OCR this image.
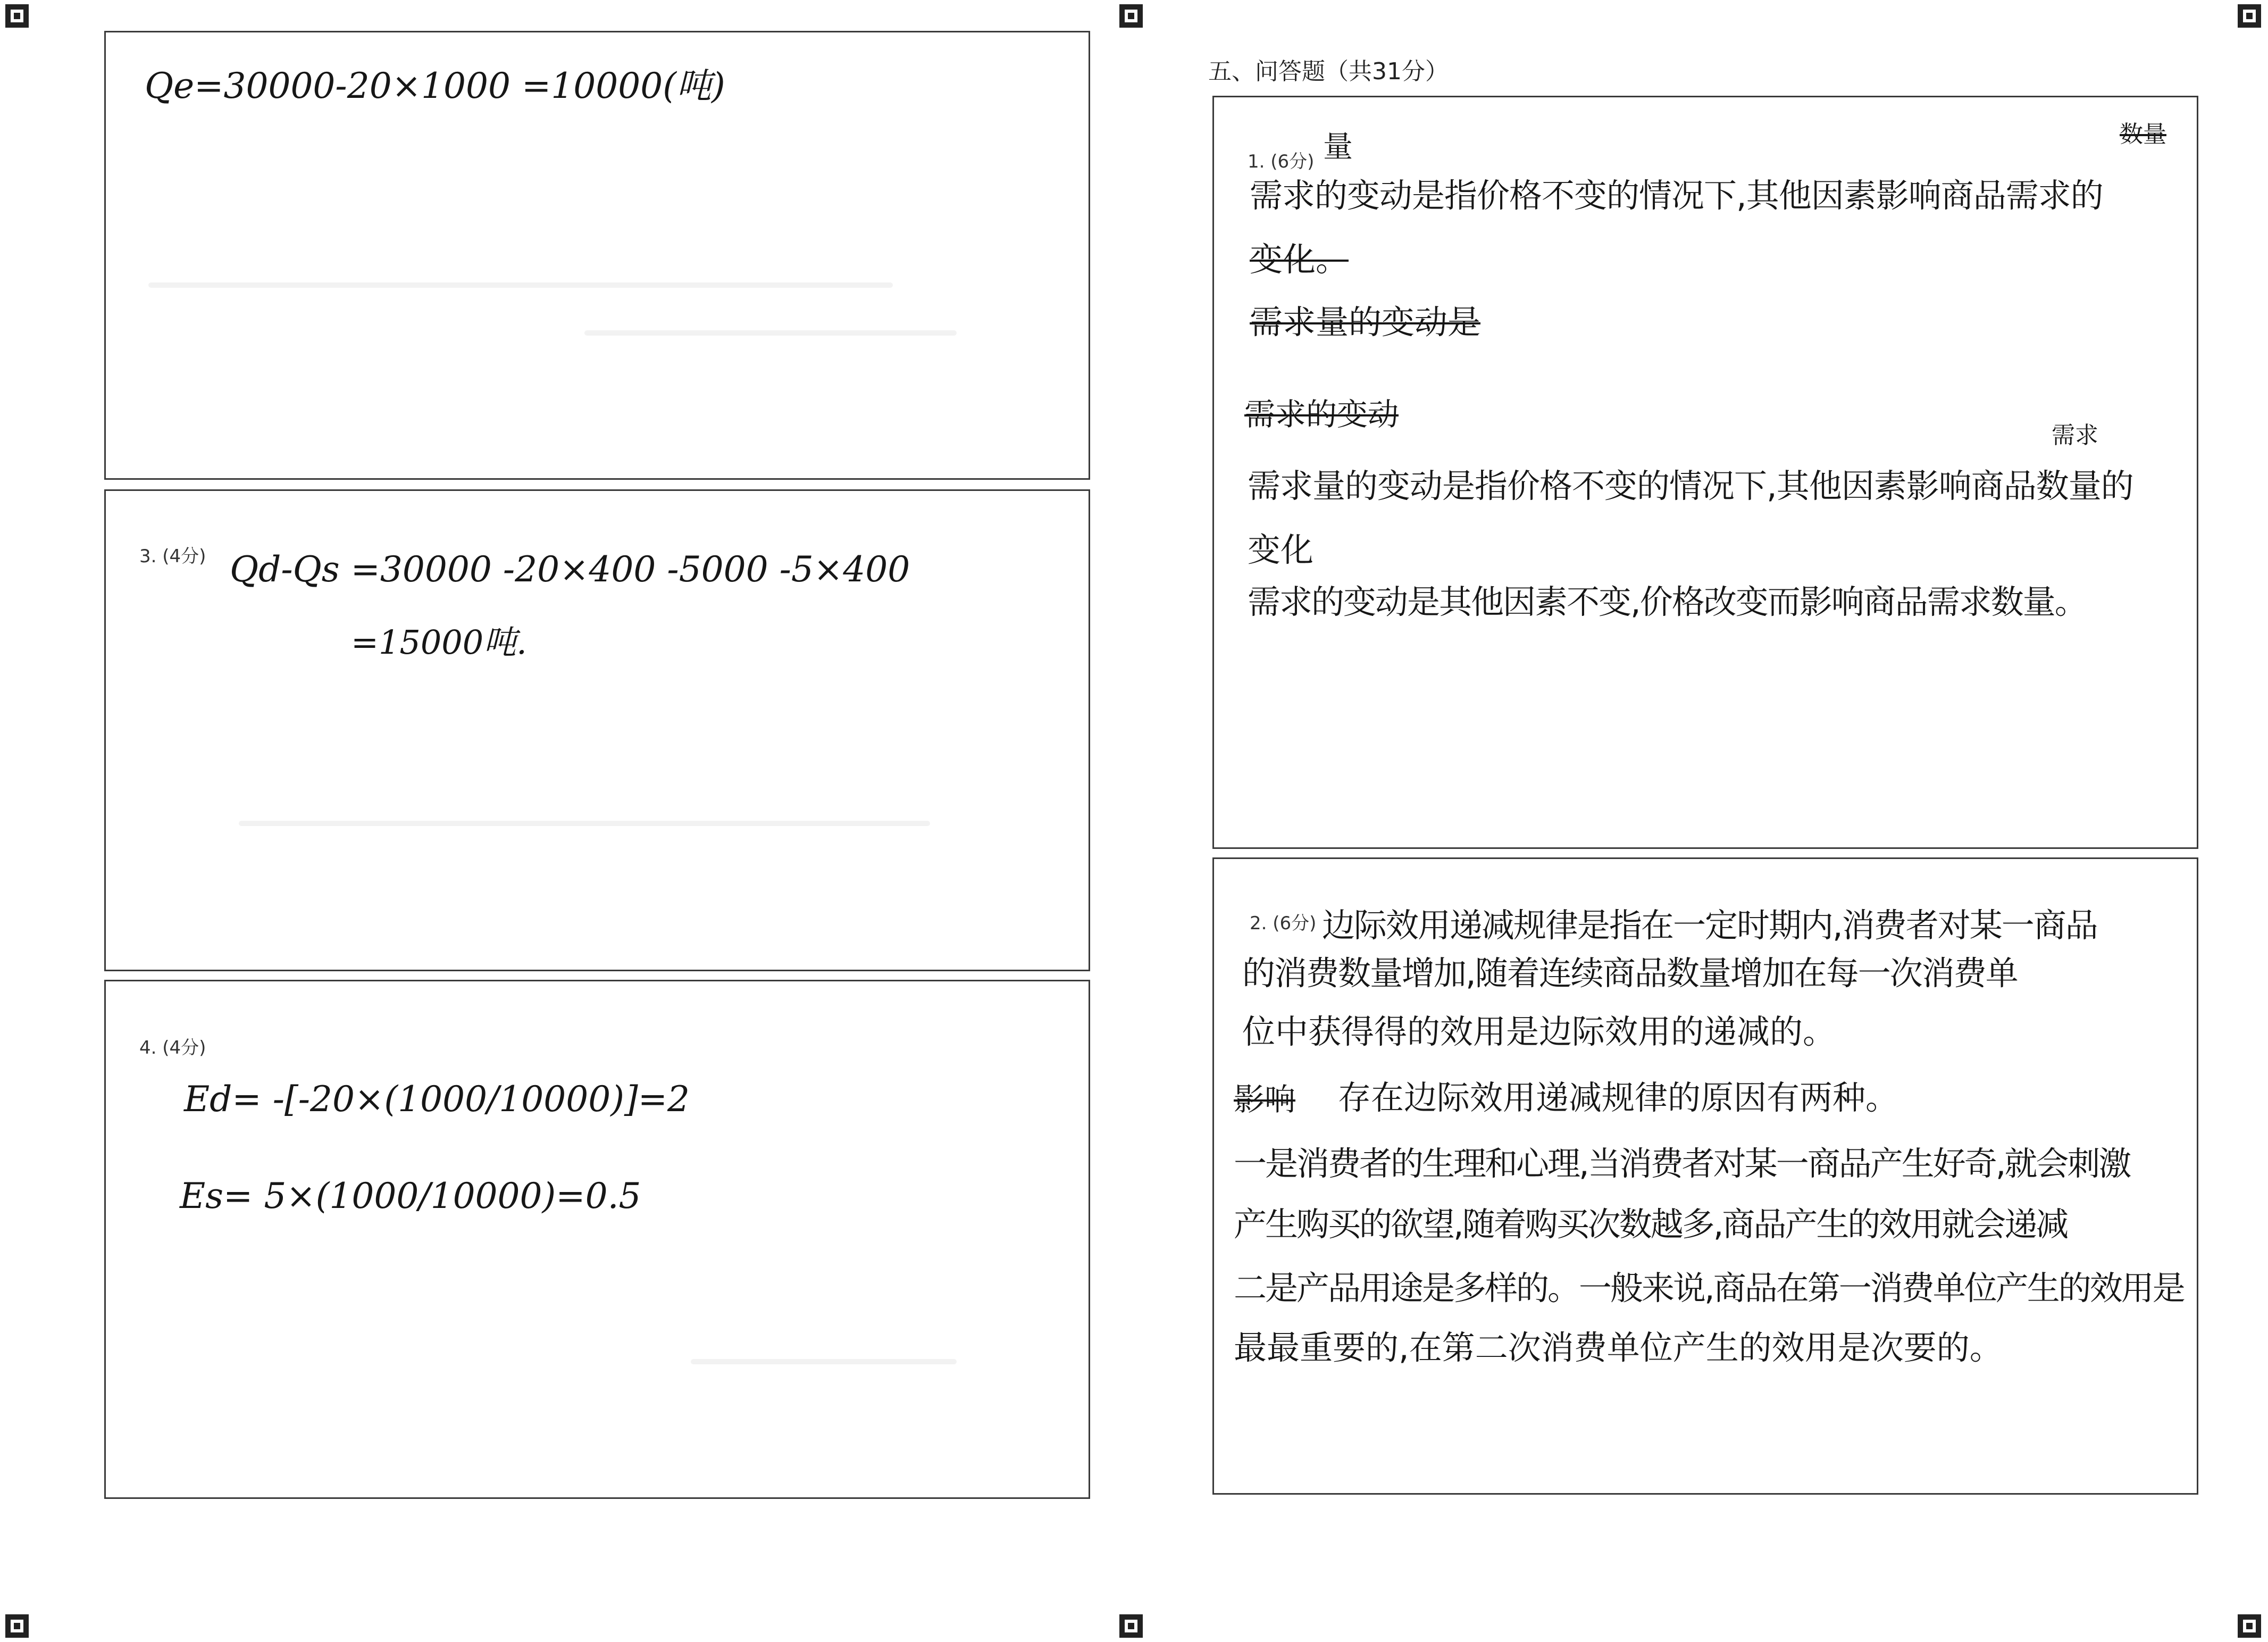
Qe=30000-20×1000 =10000(吨)
3. (4分) Qd-Qs =30000 -20×400 -5000 -5×400
=15000吨.
4. (4分)
Ed= -[-20×(1000/10000)]=2
Es= 5×(1000/10000)=0.5
五、问答题（共31分）
1. (6分) 量	数量
需求的变动是指价格不变的情况下,其他因素影响商品需求的
变化。
需求量的变动是
需求的变动
需求
需求量的变动是指价格不变的情况下,其他因素影响商品数量的
变化
需求的变动是其他因素不变,价格改变而影响商品需求数量。
2. (6分) 边际效用递减规律是指在一定时期内,消费者对某一商品
的消费数量增加,随着连续商品数量增加在每一次消费单
位中获得得的效用是边际效用的递减的。
影响 存在边际效用递减规律的原因有两种。
一是消费者的生理和心理,当消费者对某一商品产生好奇,就会刺激
产生购买的欲望,随着购买次数越多,商品产生的效用就会递减
二是产品用途是多样的。一般来说,商品在第一消费单位产生的效用是
最最重要的,在第二次消费单位产生的效用是次要的。
